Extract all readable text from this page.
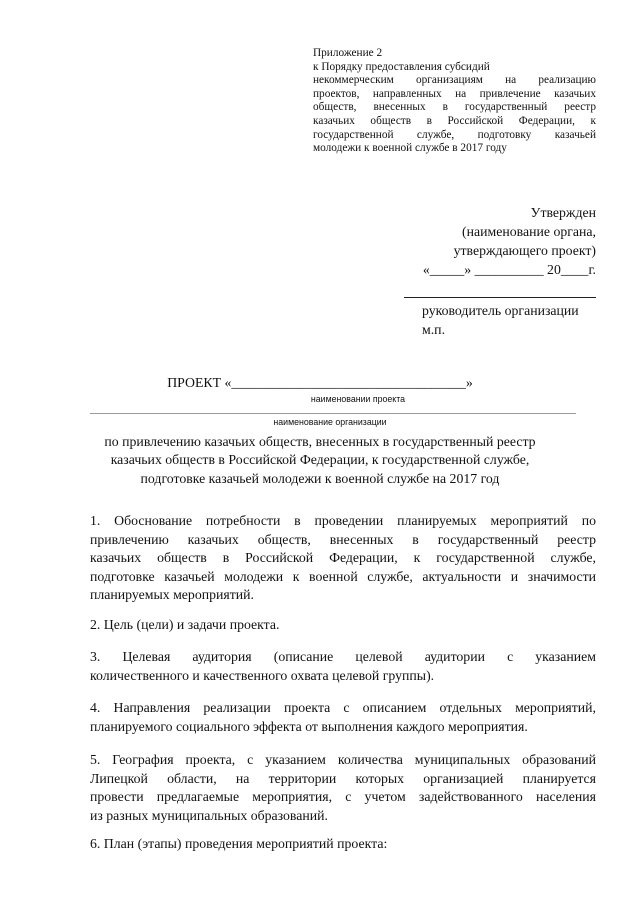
Приложение 2
к Порядку предоставления субсидий
некоммерческим организациям на реализацию
проектов, направленных на привлечение казачьих
обществ, внесенных в государственный реестр
казачьих обществ в Российской Федерации, к
государственной службе, подготовку казачьей
молодежи к военной службе в 2017 году
Утвержден
(наименование органа,
утверждающего проект)
«_____» __________ 20____г.
руководитель организации
м.п.
ПРОЕКТ «__________________________________»
наименовании проекта
наименование организации
по привлечению казачьих обществ, внесенных в государственный реестр
казачьих обществ в Российской Федерации, к государственной службе,
подготовке казачьей молодежи к военной службе на 2017 год
1. Обоснование потребности в проведении планируемых мероприятий по
привлечению казачьих обществ, внесенных в государственный реестр
казачьих обществ в Российской Федерации, к государственной службе,
подготовке казачьей молодежи к военной службе, актуальности и значимости
планируемых мероприятий.
2. Цель (цели) и задачи проекта.
3. Целевая аудитория (описание целевой аудитории с указанием
количественного и качественного охвата целевой группы).
4. Направления реализации проекта с описанием отдельных мероприятий,
планируемого социального эффекта от выполнения каждого мероприятия.
5. География проекта, с указанием количества муниципальных образований
Липецкой области, на территории которых организацией планируется
провести предлагаемые мероприятия, с учетом задействованного населения
из разных муниципальных образований.
6. План (этапы) проведения мероприятий проекта:
